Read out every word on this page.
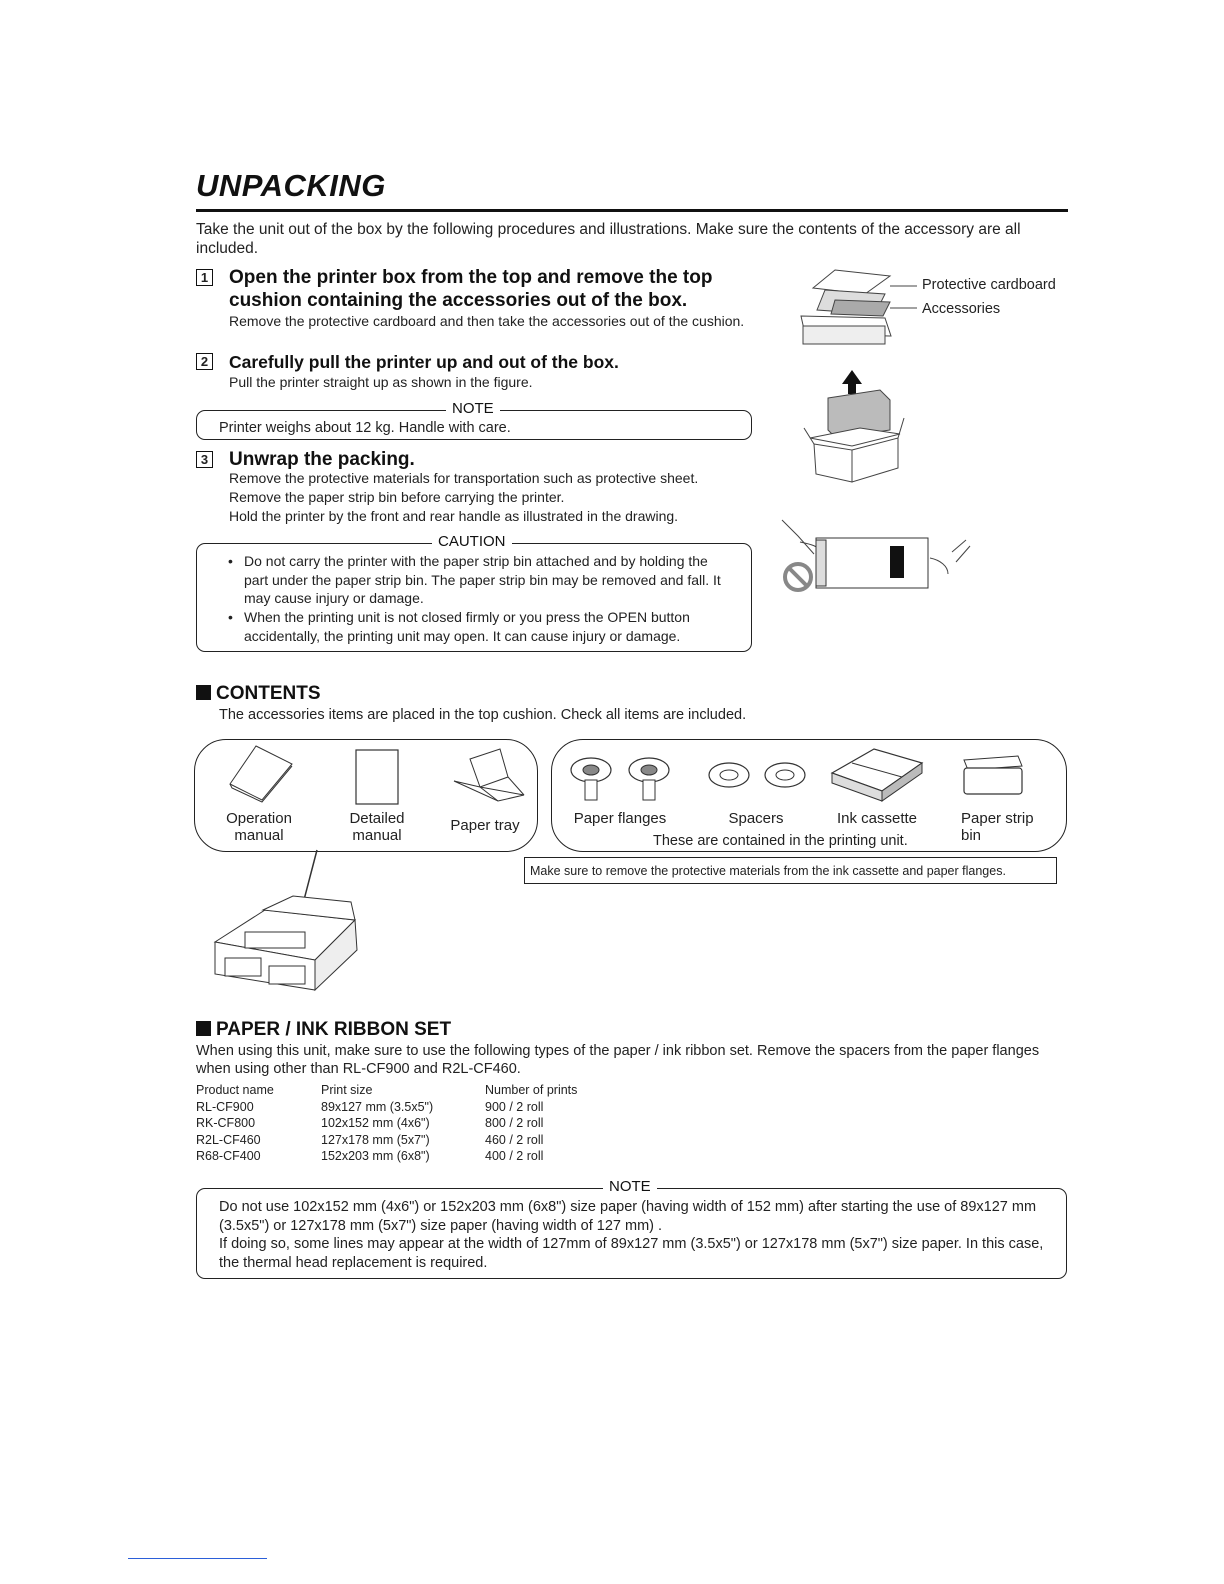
UNPACKING
Take the unit out of the box by the following procedures and illustrations. Make sure the contents of the accessory are all included.
1 Open the printer box from the top and remove the top cushion containing the accessories out of the box.
Remove the protective cardboard and then take the accessories out of the cushion.
2 Carefully pull the printer up and out of the box.
Pull the printer straight up as shown in the figure.
NOTE
Printer weighs about 12 kg. Handle with care.
3 Unwrap the packing.
Remove the protective materials for transportation such as protective sheet.
Remove the paper strip bin before carrying the printer.
Hold the printer by the front and rear handle as illustrated in the drawing.
CAUTION
• Do not carry the printer with the paper strip bin attached and by holding the part under the paper strip bin. The paper strip bin may be removed and fall. It may cause injury or damage.
• When the printing unit is not closed firmly or you press the OPEN button accidentally, the printing unit may open. It can cause injury or damage.
Protective cardboard
Accessories
CONTENTS
The accessories items are placed in the top cushion. Check all items are included.
Operation
manual
Detailed
manual
Paper tray	Paper flanges	Spacers	Ink cassette	Paper strip
bin
These are contained in the printing unit.
Make sure to remove the protective materials from the ink cassette and paper flanges.
PAPER / INK RIBBON SET
When using this unit, make sure to use the following types of the paper / ink ribbon set. Remove the spacers from the paper flanges when using other than RL-CF900 and R2L-CF460.
Product name	Print size	Number of prints
RL-CF900	89x127 mm (3.5x5")	900 / 2 roll
RK-CF800	102x152 mm (4x6")	800 / 2 roll
R2L-CF460	127x178 mm (5x7")	460 / 2 roll
R68-CF400	152x203 mm (6x8")	400 / 2 roll
NOTE
Do not use 102x152 mm (4x6") or 152x203 mm (6x8") size paper (having width of 152 mm) after starting the use of 89x127 mm (3.5x5") or 127x178 mm (5x7") size paper (having width of 127 mm) .
If doing so, some lines may appear at the width of 127mm of 89x127 mm (3.5x5") or 127x178 mm (5x7") size paper. In this case, the thermal head replacement is required.
